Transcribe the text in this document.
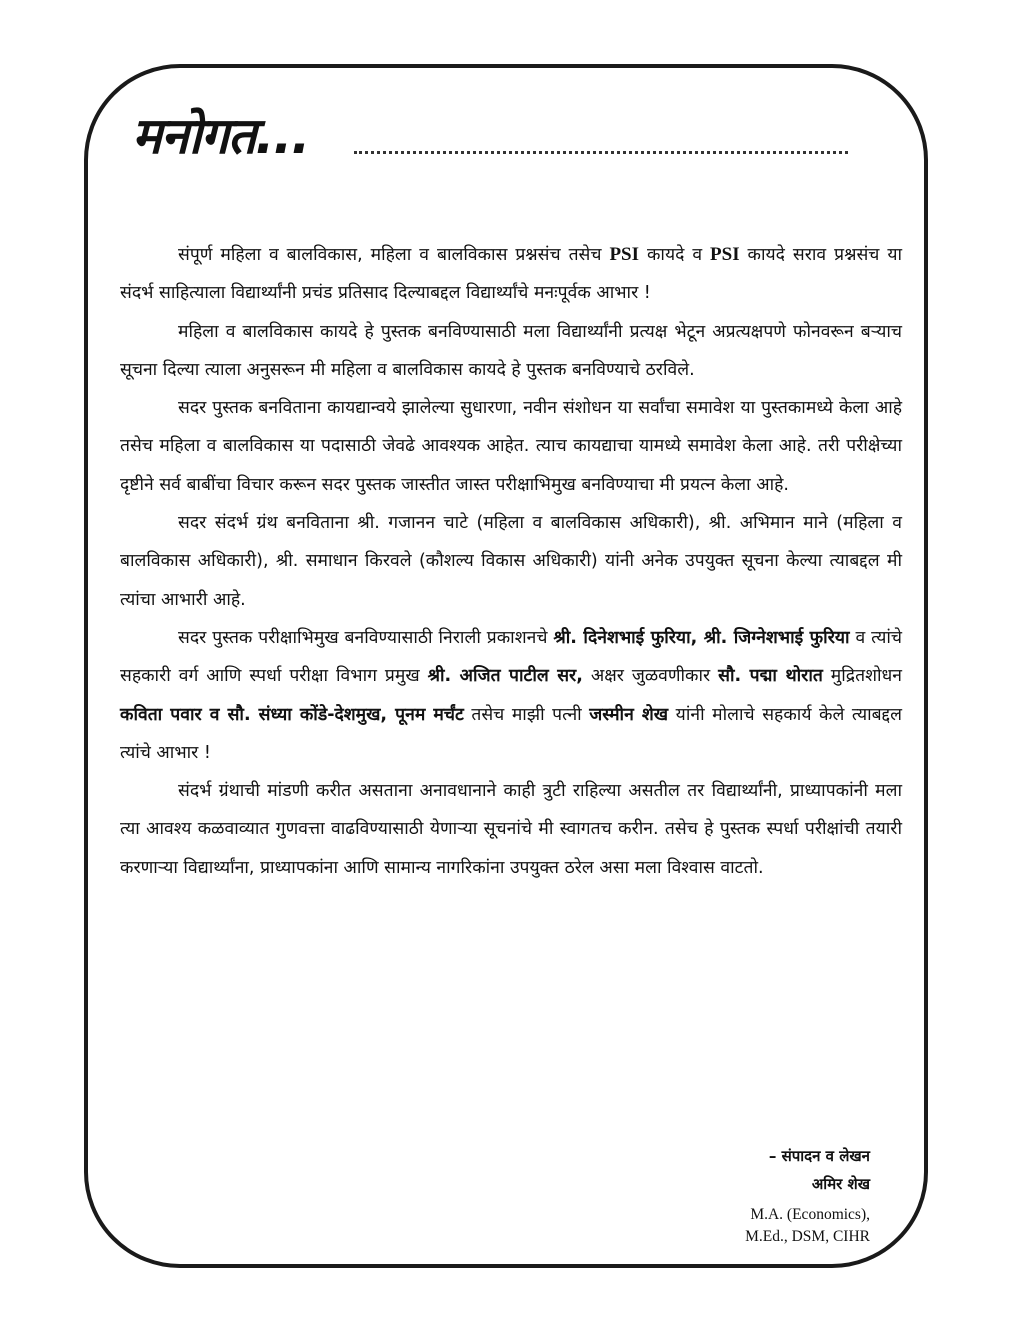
मनोगत...

संपूर्ण महिला व बालविकास, महिला व बालविकास प्रश्नसंच तसेच PSI कायदे व PSI कायदे सराव प्रश्नसंच या संदर्भ साहित्याला विद्यार्थ्यांनी प्रचंड प्रतिसाद दिल्याबद्दल विद्यार्थ्यांचे मनःपूर्वक आभार !

महिला व बालविकास कायदे हे पुस्तक बनविण्यासाठी मला विद्यार्थ्यांनी प्रत्यक्ष भेटून अप्रत्यक्षपणे फोनवरून बऱ्याच सूचना दिल्या त्याला अनुसरून मी महिला व बालविकास कायदे हे पुस्तक बनविण्याचे ठरविले.

सदर पुस्तक बनविताना कायद्यान्वये झालेल्या सुधारणा, नवीन संशोधन या सर्वांचा समावेश या पुस्तकामध्ये केला आहे तसेच महिला व बालविकास या पदासाठी जेवढे आवश्यक आहेत. त्याच कायद्याचा यामध्ये समावेश केला आहे. तरी परीक्षेच्या दृष्टीने सर्व बाबींचा विचार करून सदर पुस्तक जास्तीत जास्त परीक्षाभिमुख बनविण्याचा मी प्रयत्न केला आहे.

सदर संदर्भ ग्रंथ बनविताना श्री. गजानन चाटे (महिला व बालविकास अधिकारी), श्री. अभिमान माने (महिला व बालविकास अधिकारी), श्री. समाधान किरवले (कौशल्य विकास अधिकारी) यांनी अनेक उपयुक्त सूचना केल्या त्याबद्दल मी त्यांचा आभारी आहे.

सदर पुस्तक परीक्षाभिमुख बनविण्यासाठी निराली प्रकाशनचे श्री. दिनेशभाई फुरिया, श्री. जिग्नेशभाई फुरिया व त्यांचे सहकारी वर्ग आणि स्पर्धा परीक्षा विभाग प्रमुख श्री. अजित पाटील सर, अक्षर जुळवणीकार सौ. पद्मा थोरात मुद्रितशोधन कविता पवार व सौ. संध्या कोंडे-देशमुख, पूनम मर्चंट तसेच माझी पत्नी जस्मीन शेख यांनी मोलाचे सहकार्य केले त्याबद्दल त्यांचे आभार !

संदर्भ ग्रंथाची मांडणी करीत असताना अनावधानाने काही त्रुटी राहिल्या असतील तर विद्यार्थ्यांनी, प्राध्यापकांनी मला त्या आवश्य कळवाव्यात गुणवत्ता वाढविण्यासाठी येणाऱ्या सूचनांचे मी स्वागतच करीन. तसेच हे पुस्तक स्पर्धा परीक्षांची तयारी करणाऱ्या विद्यार्थ्यांना, प्राध्यापकांना आणि सामान्य नागरिकांना उपयुक्त ठरेल असा मला विश्वास वाटतो.

– संपादन व लेखन
अमिर शेख
M.A. (Economics),
M.Ed., DSM, CIHR
